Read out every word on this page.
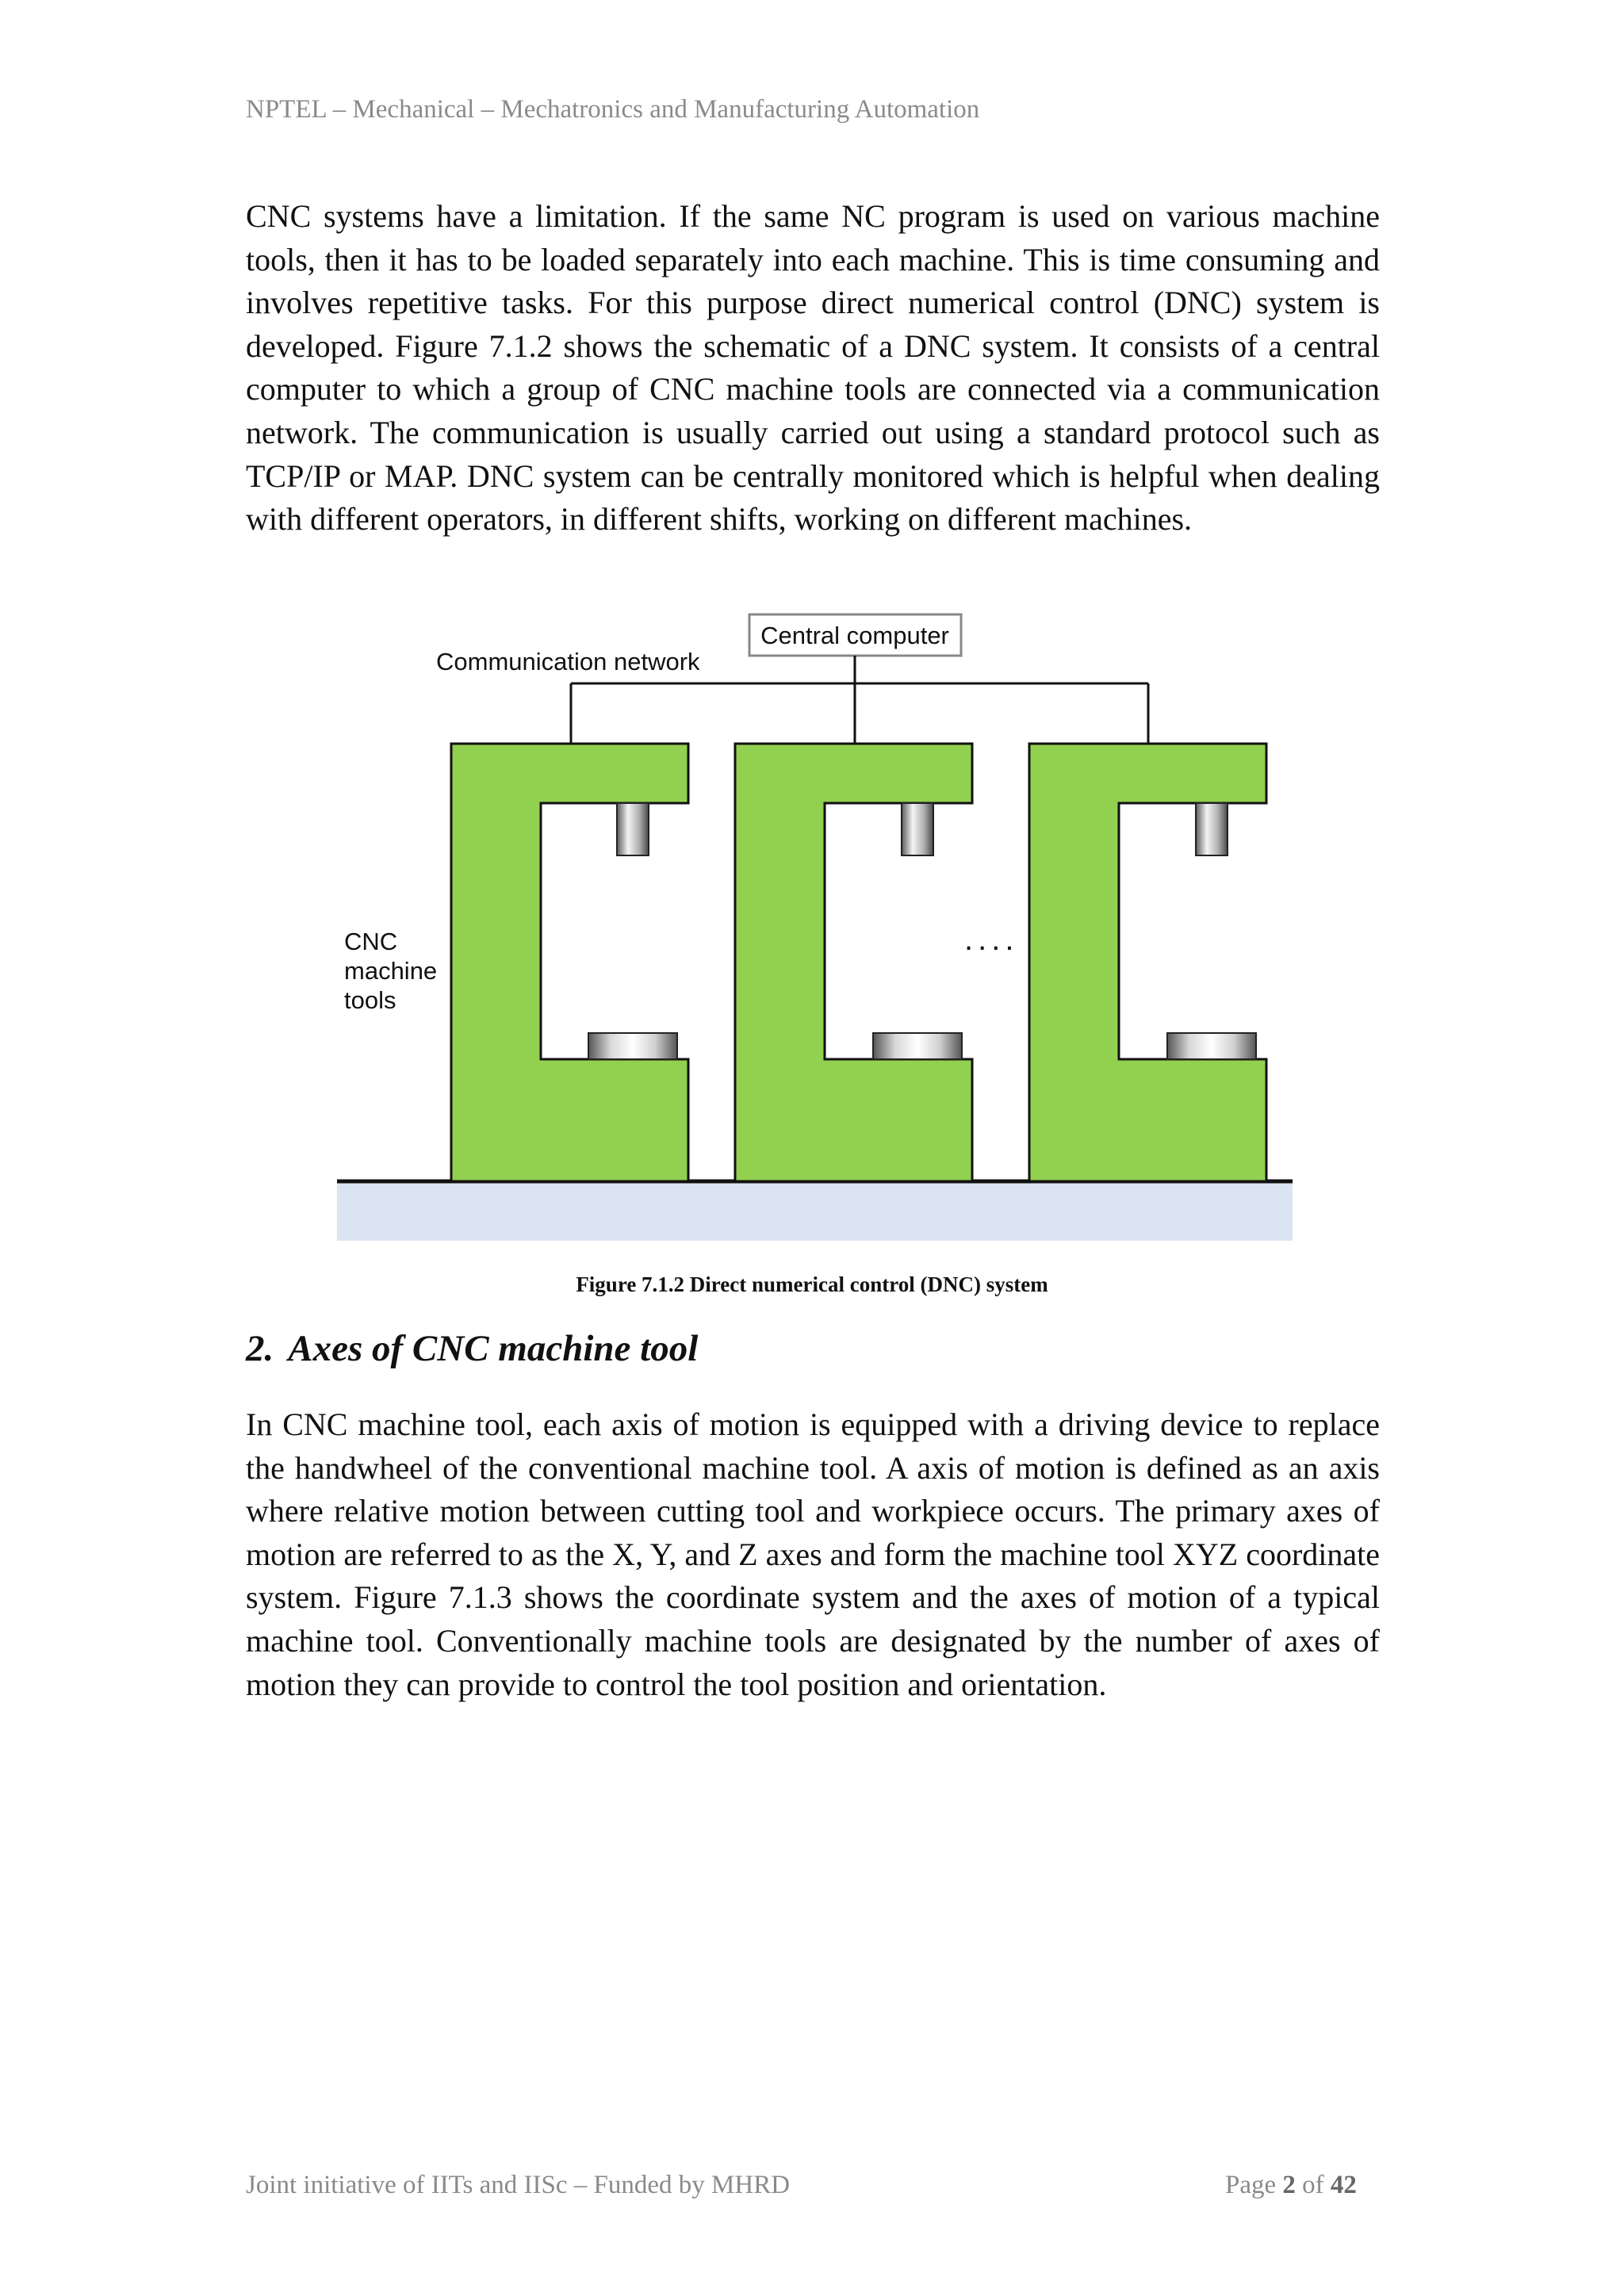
NPTEL – Mechanical – Mechatronics and Manufacturing Automation

CNC systems have a limitation. If the same NC program is used on various machine tools, then it has to be loaded separately into each machine. This is time consuming and involves repetitive tasks. For this purpose direct numerical control (DNC) system is developed. Figure 7.1.2 shows the schematic of a DNC system. It consists of a central computer to which a group of CNC machine tools are connected via a communication network. The communication is usually carried out using a standard protocol such as TCP/IP or MAP. DNC system can be centrally monitored which is helpful when dealing with different operators, in different shifts, working on different machines.

Central computer
Communication network
....
CNC machine tools
Figure 7.1.2 Direct numerical control (DNC) system
2. Axes of CNC machine tool

In CNC machine tool, each axis of motion is equipped with a driving device to replace the handwheel of the conventional machine tool. A axis of motion is defined as an axis where relative motion between cutting tool and workpiece occurs. The primary axes of motion are referred to as the X, Y, and Z axes and form the machine tool XYZ coordinate system. Figure 7.1.3 shows the coordinate system and the axes of motion of a typical machine tool. Conventionally machine tools are designated by the number of axes of motion they can provide to control the tool position and orientation.

Joint initiative of IITs and IISc – Funded by MHRD	Page 2 of 42
